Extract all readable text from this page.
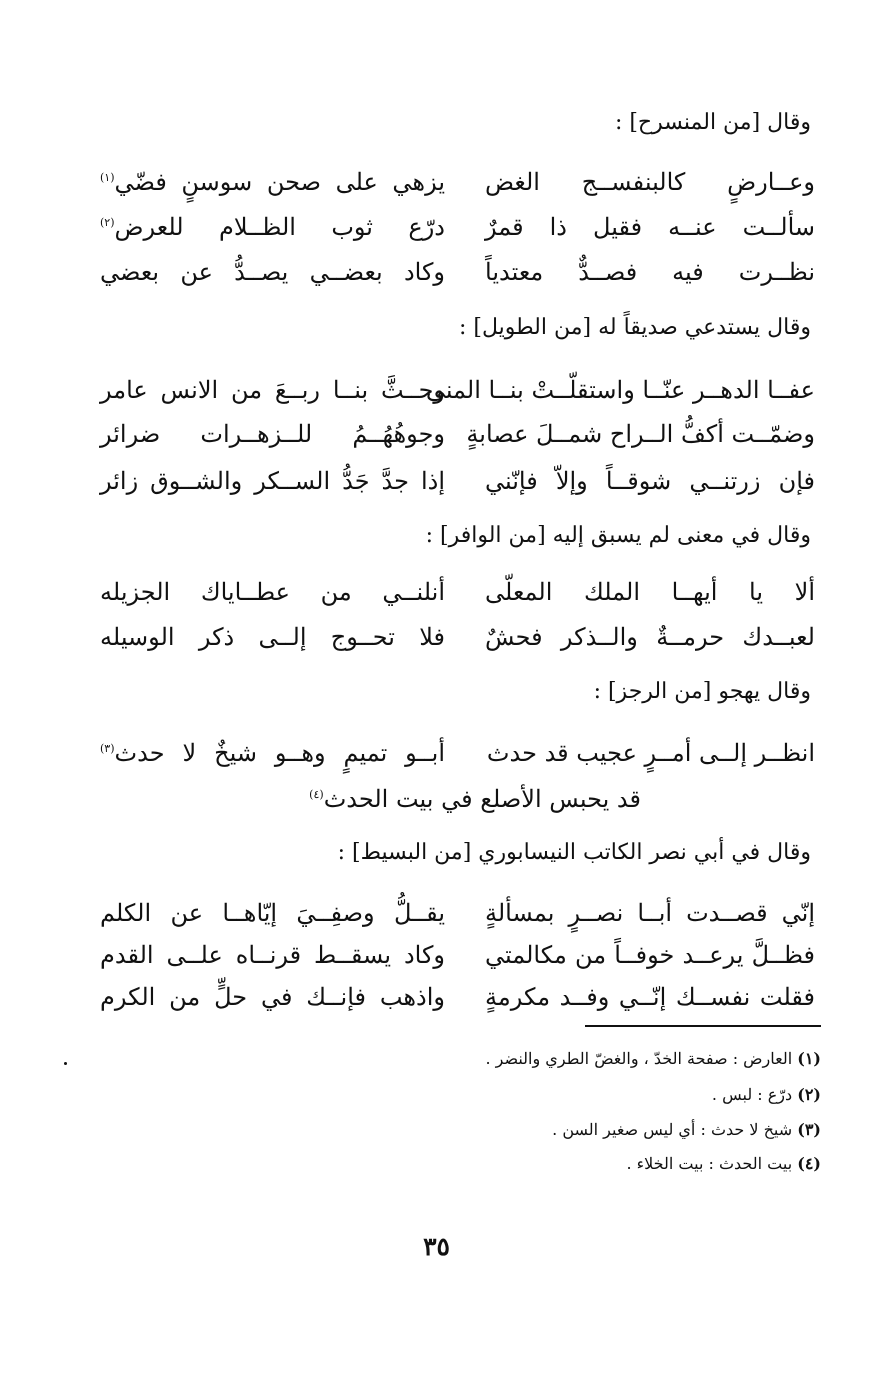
وقال [من المنسرح] :
وعــارضٍ كالبنفســج الغض
يزهي على صحن سوسنٍ فضّي$^{(١)}$
سألــت عنــه فقيل ذا قمرٌ
درّع ثوب الظــلام للعرض$^{(٢)}$
نظــرت فيه فصــدٌّ معتدياً
وكاد بعضــي يصــدُّ عن بعضي
وقال يستدعي صديقاً له [من الطويل] :
عفــا الدهــر عنّــا واستقلّــتْ بنــا المنى
وحــثَّ بنــا ربــعَ من الانس عامر
وضمّــت أكفُّ الــراح شمــلَ عصابةٍ
وجوهُهُــمُ للــزهــرات ضرائر
فإن زرتنــي شوقــاً وإلاّ فإنّني
إذا جدَّ جَدُّ الســكر والشــوق زائر
وقال في معنى لم يسبق إليه [من الوافر] :
ألا يا أيهــا الملك المعلّى
أنلنــي من عطــاياك الجزيله
لعبــدك حرمــةٌ والــذكر فحشٌ
فلا تحــوج إلــى ذكر الوسيله
وقال يهجو [من الرجز] :
انظــر إلــى أمــرٍ عجيب قد حدث
أبــو تميمٍ وهــو شيخٌ لا حدث$^{(٣)}$
قد يحبس الأصلع في بيت الحدث$^{(٤)}$
وقال في أبي نصر الكاتب النيسابوري [من البسيط] :
إنّي قصــدت أبــا نصــرٍ بمسألةٍ
يقــلُّ وصفِــيَ إيّاهــا عن الكلم
فظــلَّ يرعــد خوفــاً من مكالمتي
وكاد يسقــط قرنــاه علــى القدم
فقلت نفســك إنّــي وفــد مكرمةٍ
واذهب فإنــك في حلٍّ من الكرم
(١) العارض : صفحة الخدّ ، والغضّ الطري والنضر .
(٢) درّع : لبس .
(٣) شيخ لا حدث : أي ليس صغير السن .
(٤) بيت الحدث : بيت الخلاء .
٣٥
